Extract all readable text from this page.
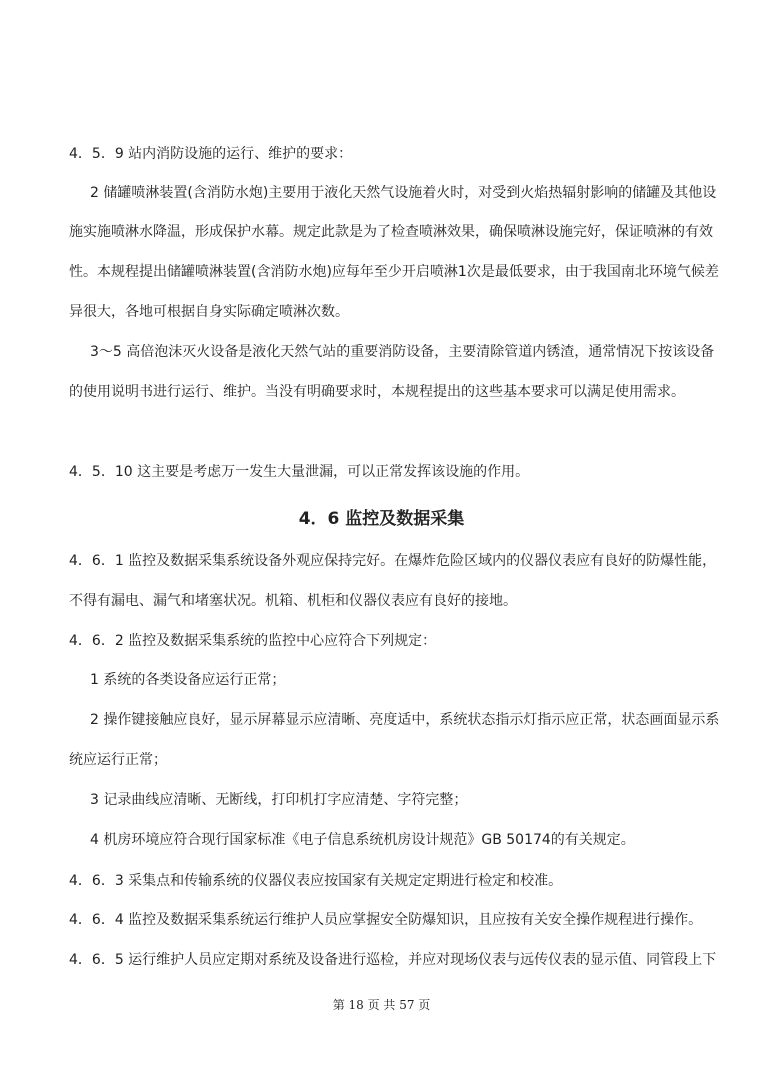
4．5．9 站内消防设施的运行、维护的要求：
2 储罐喷淋装置(含消防水炮)主要用于液化天然气设施着火时，对受到火焰热辐射影响的储罐及其他设
施实施喷淋水降温，形成保护水幕。规定此款是为了检查喷淋效果，确保喷淋设施完好，保证喷淋的有效
性。本规程提出储罐喷淋装置(含消防水炮)应每年至少开启喷淋1次是最低要求，由于我国南北环境气候差
异很大，各地可根据自身实际确定喷淋次数。
3～5 高倍泡沫灭火设备是液化天然气站的重要消防设备，主要清除管道内锈渣，通常情况下按该设备
的使用说明书进行运行、维护。当没有明确要求时，本规程提出的这些基本要求可以满足使用需求。
4．5．10 这主要是考虑万一发生大量泄漏，可以正常发挥该设施的作用。
4．6 监控及数据采集
4．6．1 监控及数据采集系统设备外观应保持完好。在爆炸危险区域内的仪器仪表应有良好的防爆性能，
不得有漏电、漏气和堵塞状况。机箱、机柜和仪器仪表应有良好的接地。
4．6．2 监控及数据采集系统的监控中心应符合下列规定：
1 系统的各类设备应运行正常；
2 操作键接触应良好，显示屏幕显示应清晰、亮度适中，系统状态指示灯指示应正常，状态画面显示系
统应运行正常；
3 记录曲线应清晰、无断线，打印机打字应清楚、字符完整；
4 机房环境应符合现行国家标准《电子信息系统机房设计规范》GB 50174的有关规定。
4．6．3 采集点和传输系统的仪器仪表应按国家有关规定定期进行检定和校准。
4．6．4 监控及数据采集系统运行维护人员应掌握安全防爆知识，且应按有关安全操作规程进行操作。
4．6．5 运行维护人员应定期对系统及设备进行巡检，并应对现场仪表与远传仪表的显示值、同管段上下
第 18 页 共 57 页
